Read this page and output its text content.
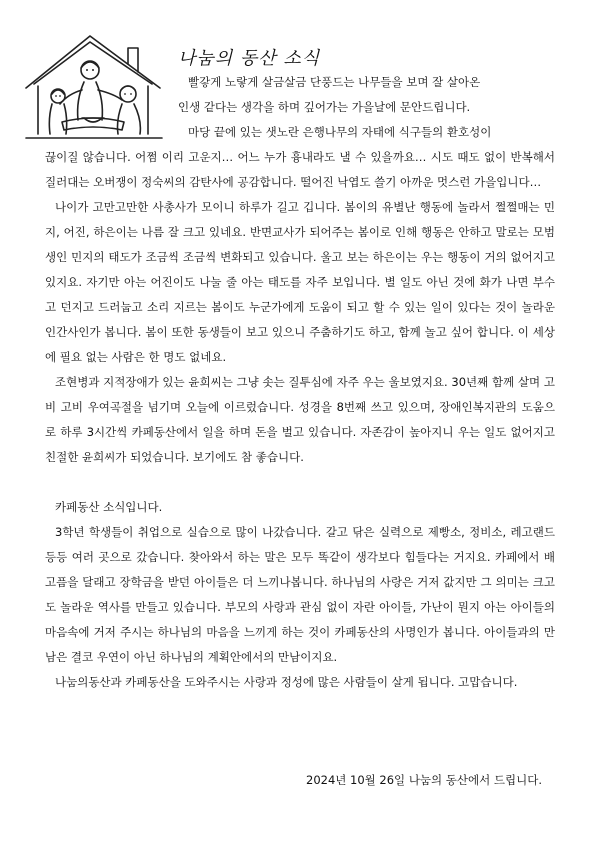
나눔의 동산 소식
빨갛게 노랗게 살금살금 단풍드는 나무들을 보며 잘 살아온
인생 같다는 생각을 하며 깊어가는 가을날에 문안드립니다.
마당 끝에 있는 샛노란 은행나무의 자태에 식구들의 환호성이

끊이질 않습니다. 어쩜 이리 고운지… 어느 누가 흉내라도 낼 수 있을까요… 시도 때도 없이 반복해서 질러대는 오버쟁이 정숙씨의 감탄사에 공감합니다. 떨어진 낙엽도 쓸기 아까운 멋스런 가을입니다…

나이가 고만고만한 사총사가 모이니 하루가 길고 깁니다. 봄이의 유별난 행동에 놀라서 쩔쩔매는 민지, 어진, 하은이는 나름 잘 크고 있네요. 반면교사가 되어주는 봄이로 인해 행동은 안하고 말로는 모범생인 민지의 태도가 조금씩 조금씩 변화되고 있습니다. 울고 보는 하은이는 우는 행동이 거의 없어지고 있지요. 자기만 아는 어진이도 나눌 줄 아는 태도를 자주 보입니다. 별 일도 아닌 것에 화가 나면 부수고 던지고 드러눕고 소리 지르는 봄이도 누군가에게 도움이 되고 할 수 있는 일이 있다는 것이 놀라운 인간사인가 봅니다. 봄이 또한 동생들이 보고 있으니 주춤하기도 하고, 함께 놀고 싶어 합니다. 이 세상에 필요 없는 사람은 한 명도 없네요.

조현병과 지적장애가 있는 윤희씨는 그냥 솟는 질투심에 자주 우는 울보였지요. 30년째 함께 살며 고비 고비 우여곡절을 넘기며 오늘에 이르렀습니다. 성경을 8번째 쓰고 있으며, 장애인복지관의 도움으로 하루 3시간씩 카페동산에서 일을 하며 돈을 벌고 있습니다. 자존감이 높아지니 우는 일도 없어지고 친절한 윤희씨가 되었습니다. 보기에도 참 좋습니다.

카페동산 소식입니다.

3학년 학생들이 취업으로 실습으로 많이 나갔습니다. 갈고 닦은 실력으로 제빵소, 정비소, 레고랜드 등등 여러 곳으로 갔습니다. 찾아와서 하는 말은 모두 똑같이 생각보다 힘들다는 거지요. 카페에서 배고픔을 달래고 장학금을 받던 아이들은 더 느끼나봅니다. 하나님의 사랑은 거저 값지만 그 의미는 크고도 놀라운 역사를 만들고 있습니다. 부모의 사랑과 관심 없이 자란 아이들, 가난이 뭔지 아는 아이들의 마음속에 거저 주시는 하나님의 마음을 느끼게 하는 것이 카페동산의 사명인가 봅니다. 아이들과의 만남은 결코 우연이 아닌 하나님의 계획안에서의 만남이지요.

나눔의동산과 카페동산을 도와주시는 사랑과 정성에 많은 사람들이 살게 됩니다. 고맙습니다.

2024년 10월 26일 나눔의 동산에서 드립니다.
